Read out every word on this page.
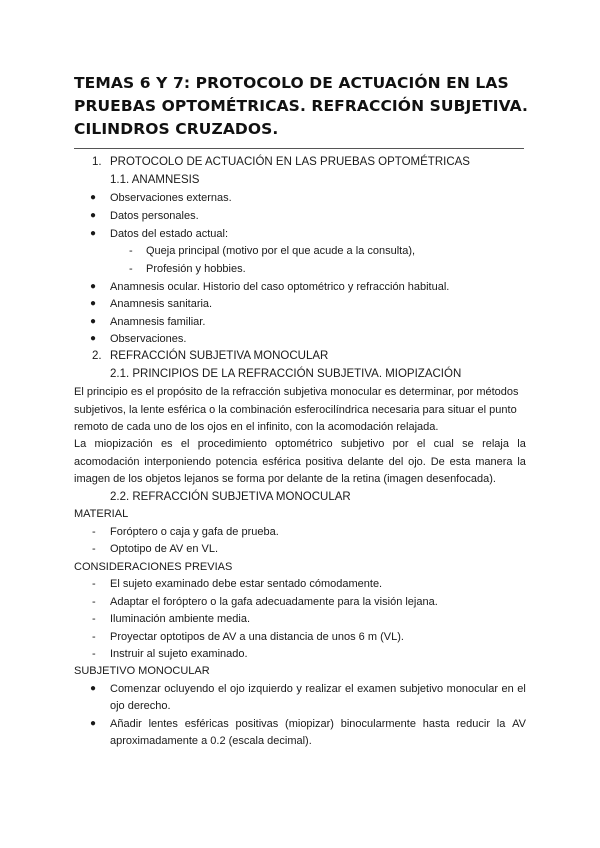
TEMAS 6 Y 7: PROTOCOLO DE ACTUACIÓN EN LAS
PRUEBAS OPTOMÉTRICAS. REFRACCIÓN SUBJETIVA.
CILINDROS CRUZADOS.
1. PROTOCOLO DE ACTUACIÓN EN LAS PRUEBAS OPTOMÉTRICAS
1.1. ANAMNESIS
● Observaciones externas.
● Datos personales.
● Datos del estado actual:
- Queja principal (motivo por el que acude a la consulta),
- Profesión y hobbies.
● Anamnesis ocular. Historio del caso optométrico y refracción habitual.
● Anamnesis sanitaria.
● Anamnesis familiar.
● Observaciones.
2. REFRACCIÓN SUBJETIVA MONOCULAR
2.1. PRINCIPIOS DE LA REFRACCIÓN SUBJETIVA. MIOPIZACIÓN
El principio es el propósito de la refracción subjetiva monocular es determinar, por métodos
subjetivos, la lente esférica o la combinación esferocilíndrica necesaria para situar el punto
remoto de cada uno de los ojos en el infinito, con la acomodación relajada.
La miopización es el procedimiento optométrico subjetivo por el cual se relaja la
acomodación interponiendo potencia esférica positiva delante del ojo. De esta manera la
imagen de los objetos lejanos se forma por delante de la retina (imagen desenfocada).
2.2. REFRACCIÓN SUBJETIVA MONOCULAR
MATERIAL
- Foróptero o caja y gafa de prueba.
- Optotipo de AV en VL.
CONSIDERACIONES PREVIAS
- El sujeto examinado debe estar sentado cómodamente.
- Adaptar el foróptero o la gafa adecuadamente para la visión lejana.
- Iluminación ambiente media.
- Proyectar optotipos de AV a una distancia de unos 6 m (VL).
- Instruir al sujeto examinado.
SUBJETIVO MONOCULAR
● Comenzar ocluyendo el ojo izquierdo y realizar el examen subjetivo monocular en el
ojo derecho.
● Añadir lentes esféricas positivas (miopizar) binocularmente hasta reducir la AV
aproximadamente a 0.2 (escala decimal).
